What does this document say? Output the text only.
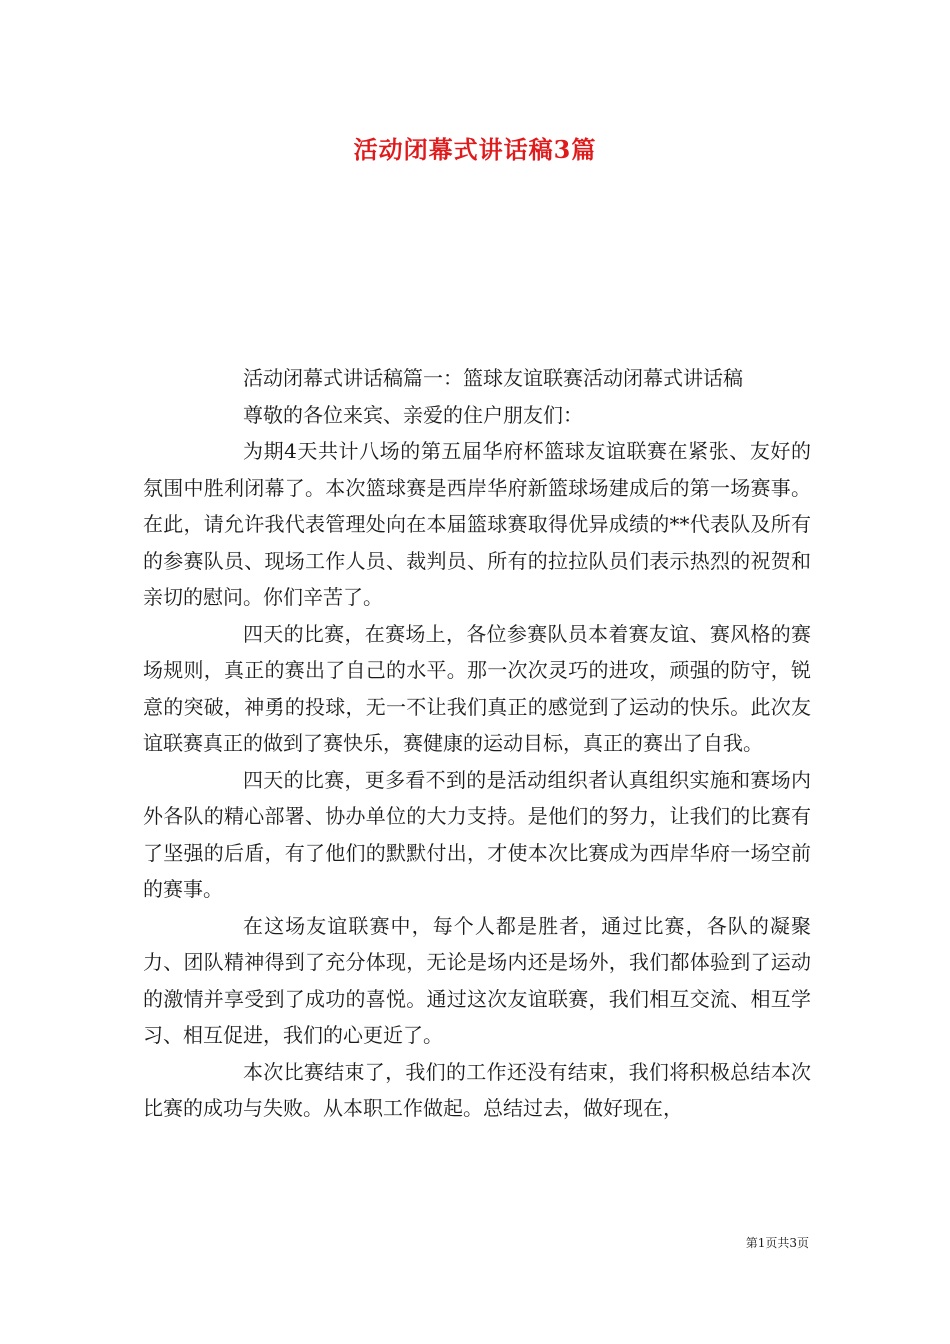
活动闭幕式讲话稿3篇

活动闭幕式讲话稿篇一：篮球友谊联赛活动闭幕式讲话稿

尊敬的各位来宾、亲爱的住户朋友们：

为期4天共计八场的第五届华府杯篮球友谊联赛在紧张、友好的氛围中胜利闭幕了。本次篮球赛是西岸华府新篮球场建成后的第一场赛事。在此，请允许我代表管理处向在本届篮球赛取得优异成绩的**代表队及所有的参赛队员、现场工作人员、裁判员、所有的拉拉队员们表示热烈的祝贺和亲切的慰问。你们辛苦了。

四天的比赛，在赛场上，各位参赛队员本着赛友谊、赛风格的赛场规则，真正的赛出了自己的水平。那一次次灵巧的进攻，顽强的防守，锐意的突破，神勇的投球，无一不让我们真正的感觉到了运动的快乐。此次友谊联赛真正的做到了赛快乐，赛健康的运动目标，真正的赛出了自我。

四天的比赛，更多看不到的是活动组织者认真组织实施和赛场内外各队的精心部署、协办单位的大力支持。是他们的努力，让我们的比赛有了坚强的后盾，有了他们的默默付出，才使本次比赛成为西岸华府一场空前的赛事。

在这场友谊联赛中，每个人都是胜者，通过比赛，各队的凝聚力、团队精神得到了充分体现，无论是场内还是场外，我们都体验到了运动的激情并享受到了成功的喜悦。通过这次友谊联赛，我们相互交流、相互学习、相互促进，我们的心更近了。

本次比赛结束了，我们的工作还没有结束，我们将积极总结本次比赛的成功与失败。从本职工作做起。总结过去，做好现在，

第1页共3页
